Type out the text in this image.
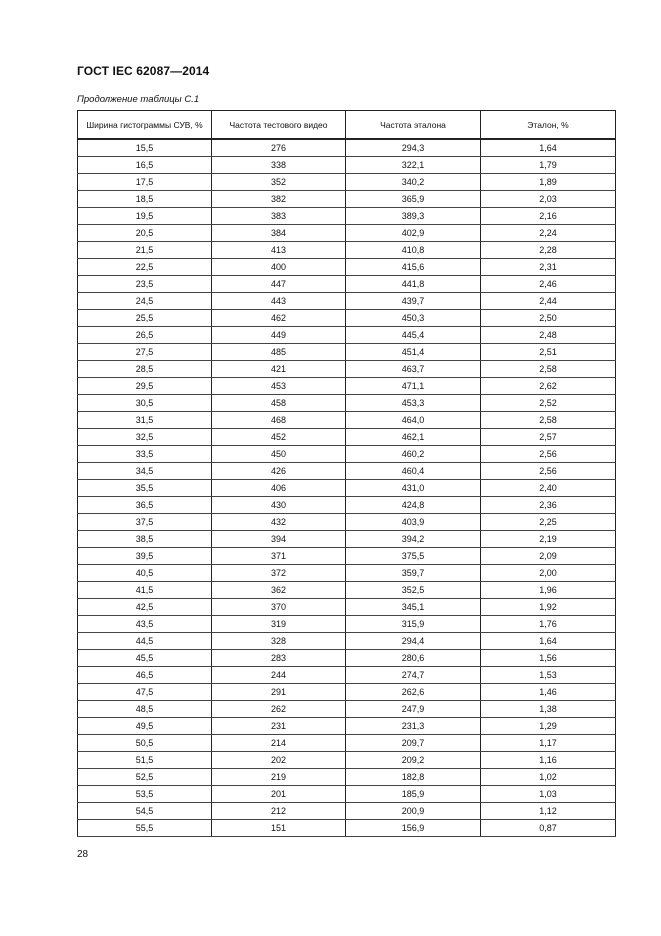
ГОСТ IEC 62087—2014
Продолжение таблицы С.1
Ширина гистограммы СУВ, %	Частота тестового видео	Частота эталона	Эталон, %
15,5	276	294,3	1,64
16,5	338	322,1	1,79
17,5	352	340,2	1,89
18,5	382	365,9	2,03
19,5	383	389,3	2,16
20,5	384	402,9	2,24
21,5	413	410,8	2,28
22,5	400	415,6	2,31
23,5	447	441,8	2,46
24,5	443	439,7	2,44
25,5	462	450,3	2,50
26,5	449	445,4	2,48
27,5	485	451,4	2,51
28,5	421	463,7	2,58
29,5	453	471,1	2,62
30,5	458	453,3	2,52
31,5	468	464,0	2,58
32,5	452	462,1	2,57
33,5	450	460,2	2,56
34,5	426	460,4	2,56
35,5	406	431,0	2,40
36,5	430	424,8	2,36
37,5	432	403,9	2,25
38,5	394	394,2	2,19
39,5	371	375,5	2,09
40,5	372	359,7	2,00
41,5	362	352,5	1,96
42,5	370	345,1	1,92
43,5	319	315,9	1,76
44,5	328	294,4	1,64
45,5	283	280,6	1,56
46,5	244	274,7	1,53
47,5	291	262,6	1,46
48,5	262	247,9	1,38
49,5	231	231,3	1,29
50,5	214	209,7	1,17
51,5	202	209,2	1,16
52,5	219	182,8	1,02
53,5	201	185,9	1,03
54,5	212	200,9	1,12
55,5	151	156,9	0,87
28
